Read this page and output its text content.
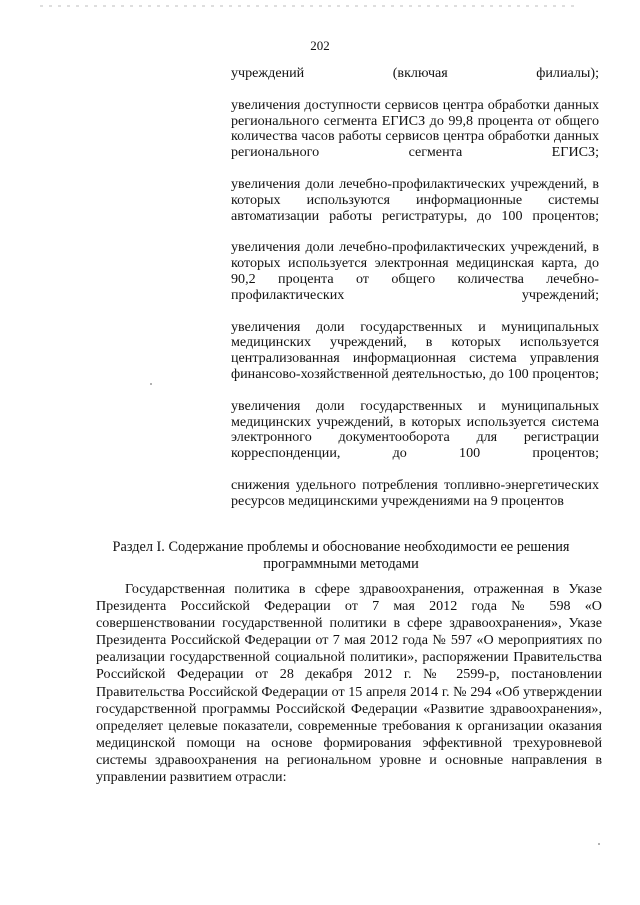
202
учреждений (включая филиалы);
увеличения доступности сервисов центра обработки данных регионального сегмента ЕГИСЗ до 99,8 процента от общего количества часов работы сервисов центра обработки данных регионального сегмента ЕГИСЗ;
увеличения доли лечебно-профилактических учреждений, в которых используются информационные системы автоматизации работы регистратуры, до 100 процентов;
увеличения доли лечебно-профилактических учреждений, в которых используется электронная медицинская карта, до 90,2 процента от общего количества лечебно-профилактических учреждений;
увеличения доли государственных и муниципальных медицинских учреждений, в которых используется централизованная информационная система управления финансово-хозяйственной деятельностью, до 100 процентов;
увеличения доли государственных и муниципальных медицинских учреждений, в которых используется система электронного документооборота для регистрации корреспонденции, до 100 процентов;
снижения удельного потребления топливно-энергетических ресурсов медицинскими учреждениями на 9 процентов
Раздел I. Содержание проблемы и обоснование необходимости ее решения программными методами
Государственная политика в сфере здравоохранения, отраженная в Указе Президента Российской Федерации от 7 мая 2012 года № 598 «О совершенствовании государственной политики в сфере здравоохранения», Указе Президента Российской Федерации от 7 мая 2012 года № 597 «О мероприятиях по реализации государственной социальной политики», распоряжении Правительства Российской Федерации от 28 декабря 2012 г. № 2599-р, постановлении Правительства Российской Федерации от 15 апреля 2014 г. № 294 «Об утверждении государственной программы Российской Федерации «Развитие здравоохранения», определяет целевые показатели, современные требования к организации оказания медицинской помощи на основе формирования эффективной трехуровневой системы здравоохранения на региональном уровне и основные направления в управлении развитием отрасли:
